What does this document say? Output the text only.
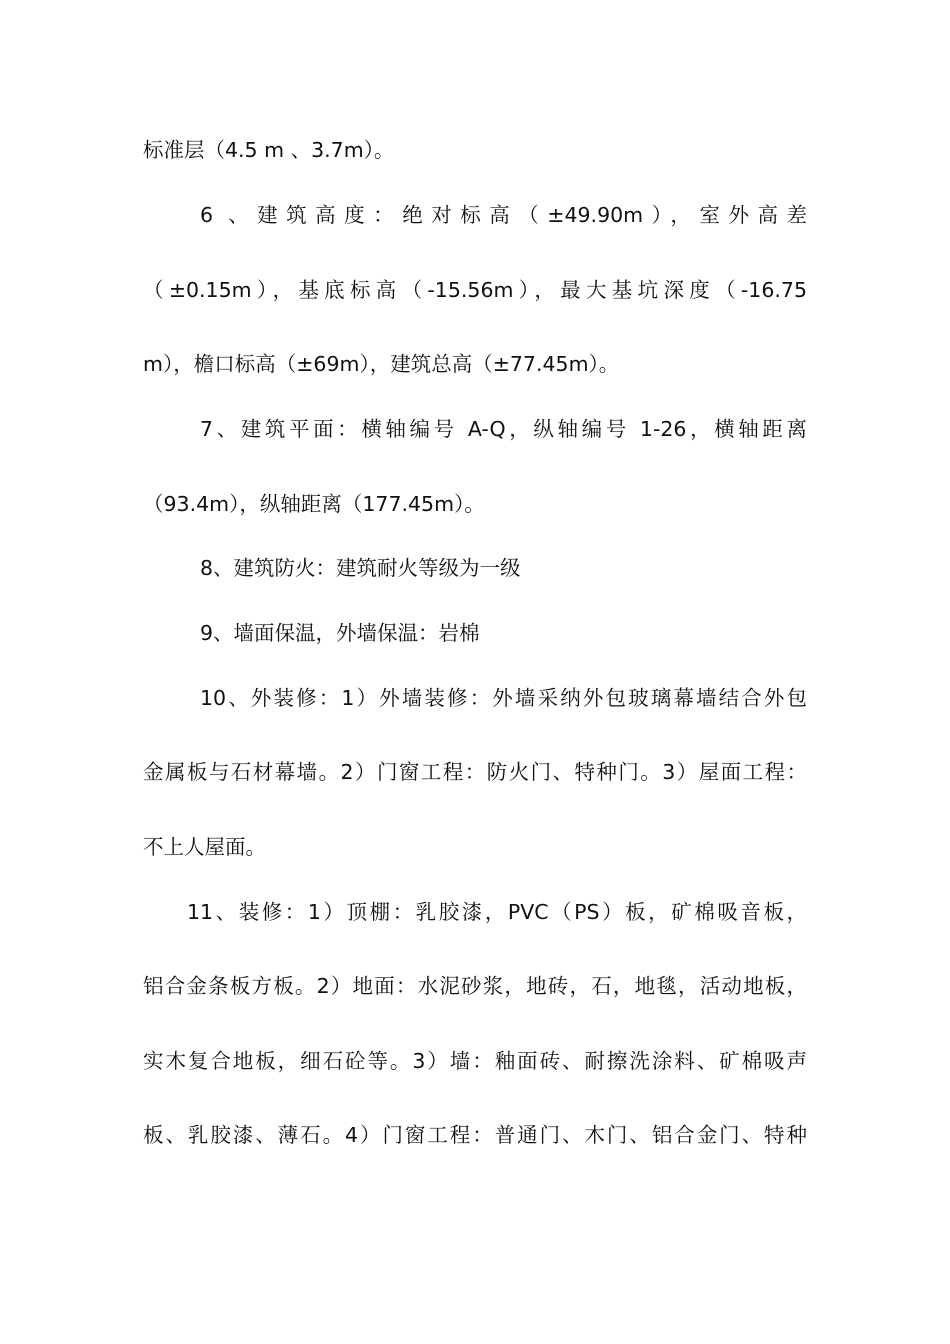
标准层（4.5 m 、3.7m）。
6 、建筑高度：绝对标高（±49.90m），室外高差
（±0.15m），基底标高（-15.56m），最大基坑深度（-16.75
m），檐口标高（±69m），建筑总高（±77.45m）。
7、建筑平面：横轴编号 A-Q，纵轴编号 1-26，横轴距离
（93.4m），纵轴距离（177.45m）。
8、建筑防火：建筑耐火等级为一级
9、墙面保温，外墙保温：岩棉
10、外装修：1）外墙装修：外墙采纳外包玻璃幕墙结合外包
金属板与石材幕墙。2）门窗工程：防火门、特种门。3）屋面工程：
不上人屋面。
11、装修：1）顶棚：乳胶漆，PVC（PS）板，矿棉吸音板，
铝合金条板方板。2）地面：水泥砂浆，地砖，石，地毯，活动地板，
实木复合地板，细石砼等。3）墙：釉面砖、耐擦洗涂料、矿棉吸声
板、乳胶漆、薄石。4）门窗工程：普通门、木门、铝合金门、特种
